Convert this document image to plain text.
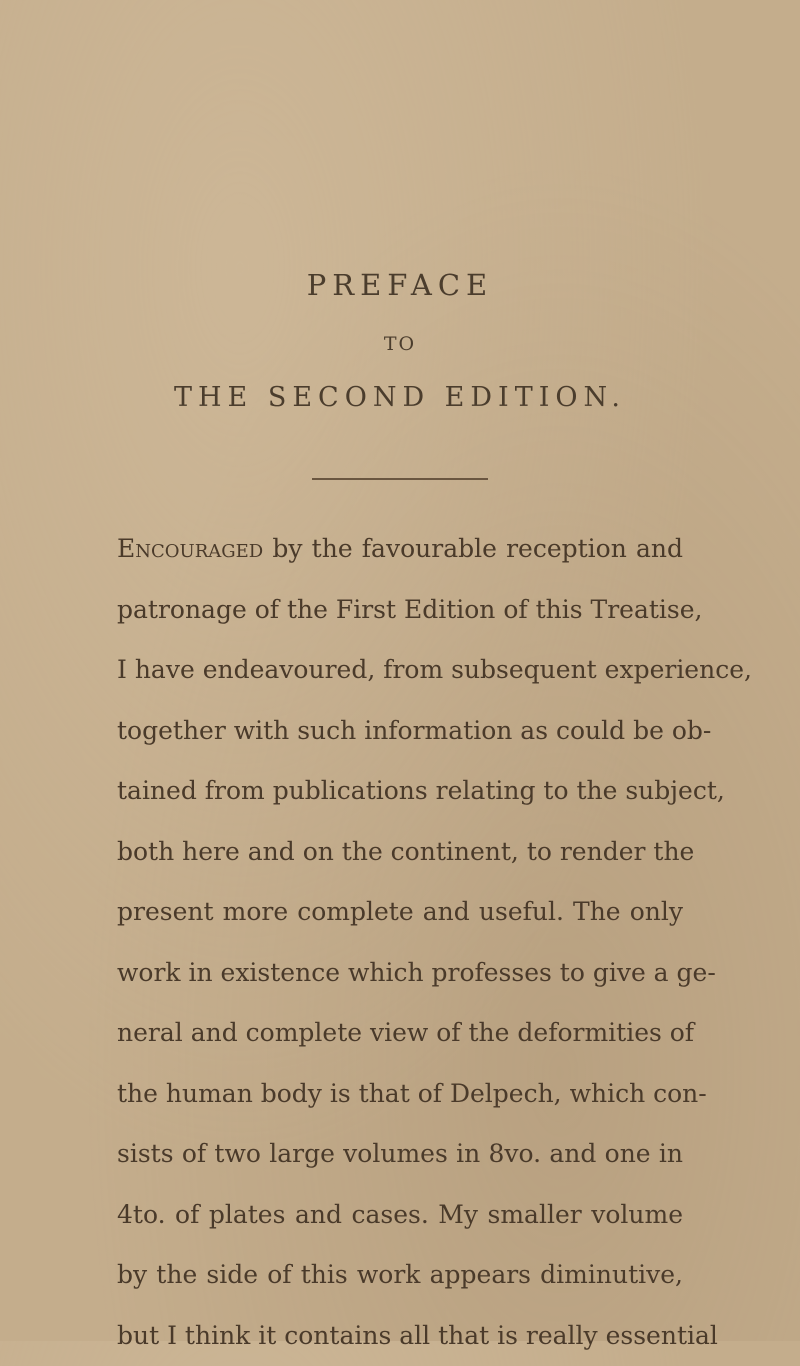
PREFACE
TO
THE SECOND EDITION.
Encouraged by the favourable reception and
patronage of the First Edition of this Treatise,
I have endeavoured, from subsequent experience,
together with such information as could be ob-
tained from publications relating to the subject,
both here and on the continent, to render the
present more complete and useful. The only
work in existence which professes to give a ge-
neral and complete view of the deformities of
the human body is that of Delpech, which con-
sists of two large volumes in 8vo. and one in
4to. of plates and cases. My smaller volume
by the side of this work appears diminutive,
but I think it contains all that is really essential
